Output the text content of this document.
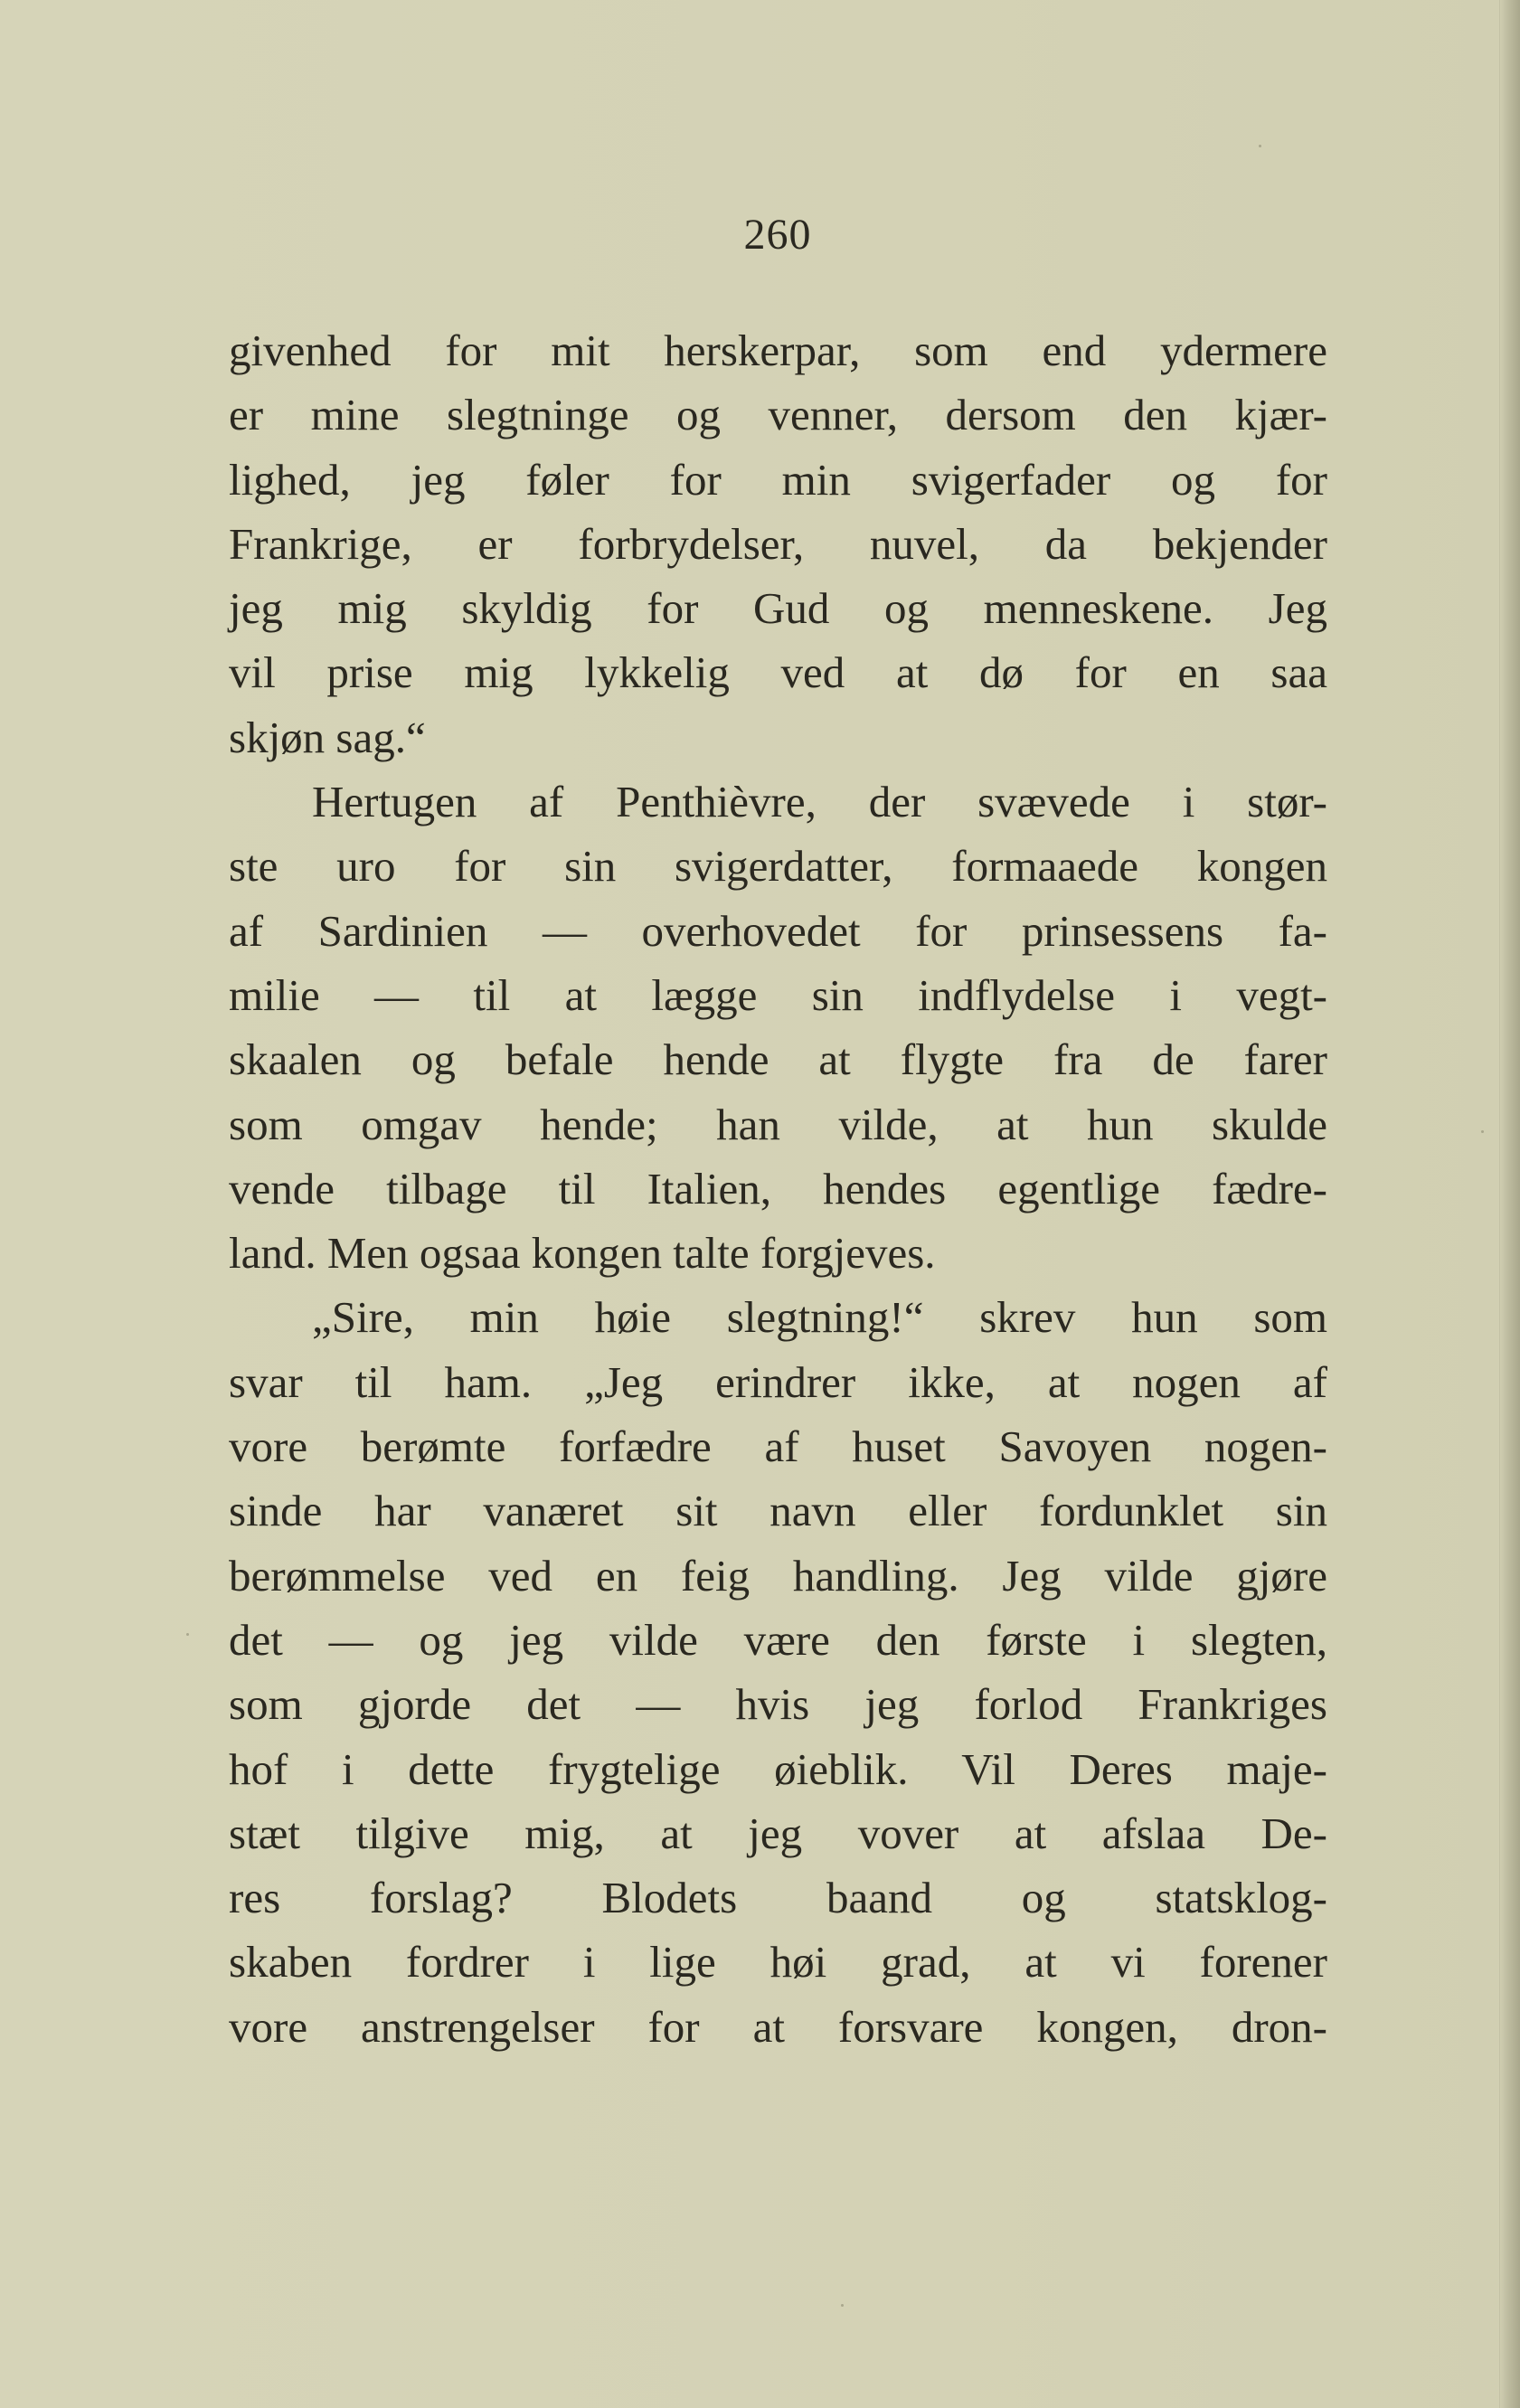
260
givenhed for mit herskerpar, som end ydermere
er mine slegtninge og venner, dersom den kjær-
lighed, jeg føler for min svigerfader og for
Frankrige, er forbrydelser, nuvel, da bekjender
jeg mig skyldig for Gud og menneskene. Jeg
vil prise mig lykkelig ved at dø for en saa
skjøn sag.“
Hertugen af Penthièvre, der svævede i stør-
ste uro for sin svigerdatter, formaaede kongen
af Sardinien — overhovedet for prinsessens fa-
milie — til at lægge sin indflydelse i vegt-
skaalen og befale hende at flygte fra de farer
som omgav hende; han vilde, at hun skulde
vende tilbage til Italien, hendes egentlige fædre-
land. Men ogsaa kongen talte forgjeves.
„Sire, min høie slegtning!“ skrev hun som
svar til ham. „Jeg erindrer ikke, at nogen af
vore berømte forfædre af huset Savoyen nogen-
sinde har vanæret sit navn eller fordunklet sin
berømmelse ved en feig handling. Jeg vilde gjøre
det — og jeg vilde være den første i slegten,
som gjorde det — hvis jeg forlod Frankriges
hof i dette frygtelige øieblik. Vil Deres maje-
stæt tilgive mig, at jeg vover at afslaa De-
res forslag? Blodets baand og statsklog-
skaben fordrer i lige høi grad, at vi forener
vore anstrengelser for at forsvare kongen, dron-
